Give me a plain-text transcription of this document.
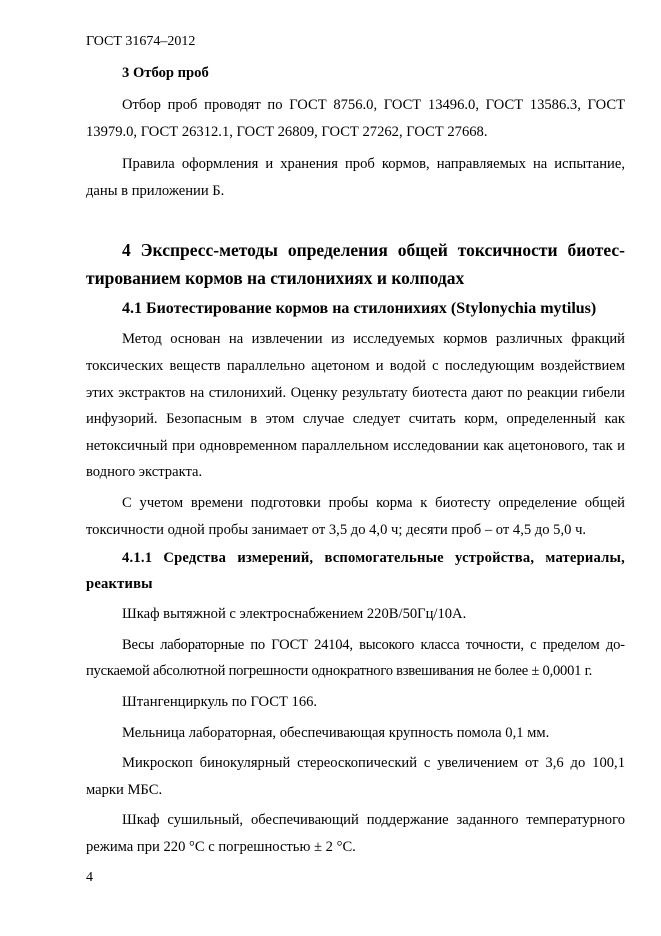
ГОСТ 31674–2012
3 Отбор проб

Отбор проб проводят по ГОСТ 8756.0, ГОСТ 13496.0, ГОСТ 13586.3, ГОСТ 13979.0, ГОСТ 26312.1, ГОСТ 26809, ГОСТ 27262, ГОСТ 27668.

Правила оформления и хранения проб кормов, направляемых на испытание, даны в приложении Б.

4 Экспресс-методы определения общей токсичности биотестированием кормов на стилонихиях и колподах
4.1 Биотестирование кормов на стилонихиях (Stylonychia mytilus)

Метод основан на извлечении из исследуемых кормов различных фракций токсических веществ параллельно ацетоном и водой с последующим воздействием этих экстрактов на стилонихий. Оценку результату биотеста дают по реакции гибели инфузорий. Безопасным в этом случае следует считать корм, определенный как нетоксичный при одновременном параллельном исследовании как ацетонового, так и водного экстракта.

С учетом времени подготовки пробы корма к биотесту определение общей токсичности одной пробы занимает от 3,5 до 4,0 ч; десяти проб – от 4,5 до 5,0 ч.

4.1.1 Средства измерений, вспомогательные устройства, материалы, реактивы

Шкаф вытяжной с электроснабжением 220В/50Гц/10А.

Весы лабораторные по ГОСТ 24104, высокого класса точности, с пределом допускаемой абсолютной погрешности однократного взвешивания не более ± 0,0001 г.

Штангенциркуль по ГОСТ 166.

Мельница лабораторная, обеспечивающая крупность помола 0,1 мм.

Микроскоп бинокулярный стереоскопический с увеличением от 3,6 до 100,1 марки МБС.

Шкаф сушильный, обеспечивающий поддержание заданного температурного режима при 220 °С с погрешностью ± 2 °С.

4
